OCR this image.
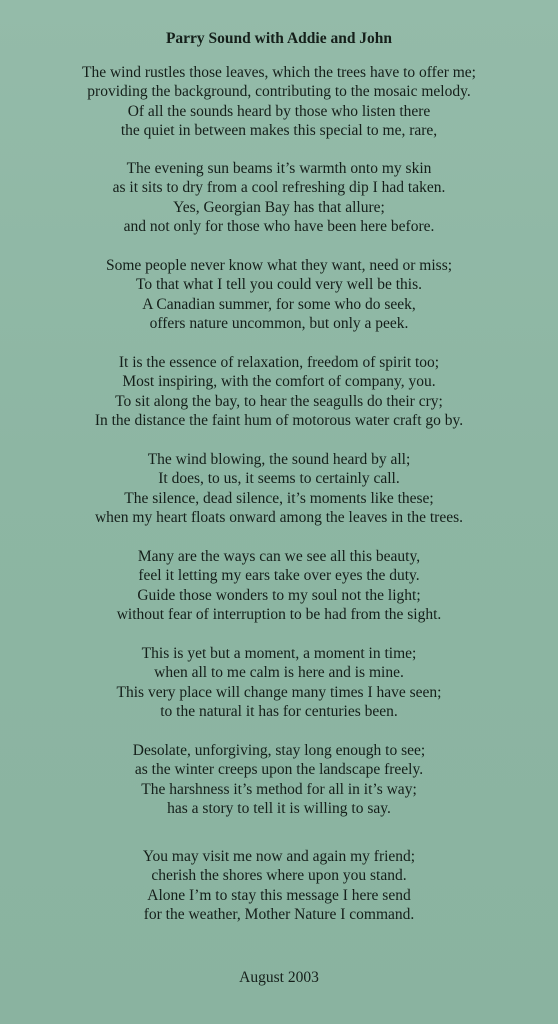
Parry Sound with Addie and John
The wind rustles those leaves, which the trees have to offer me;
providing the background, contributing to the mosaic melody.
Of all the sounds heard by those who listen there
the quiet in between makes this special to me, rare,
The evening sun beams it’s warmth onto my skin
as it sits to dry from a cool refreshing dip I had taken.
Yes, Georgian Bay has that allure;
and not only for those who have been here before.
Some people never know what they want, need or miss;
To that what I tell you could very well be this.
A Canadian summer, for some who do seek,
offers nature uncommon, but only a peek.
It is the essence of relaxation, freedom of spirit too;
Most inspiring, with the comfort of company, you.
To sit along the bay, to hear the seagulls do their cry;
In the distance the faint hum of motorous water craft go by.
The wind blowing, the sound heard by all;
It does, to us, it seems to certainly call.
The silence, dead silence, it’s moments like these;
when my heart floats onward among the leaves in the trees.
Many are the ways can we see all this beauty,
feel it letting my ears take over eyes the duty.
Guide those wonders to my soul not the light;
without fear of interruption to be had from the sight.
This is yet but a moment, a moment in time;
when all to me calm is here and is mine.
This very place will change many times I have seen;
to the natural it has for centuries been.
Desolate, unforgiving, stay long enough to see;
as the winter creeps upon the landscape freely.
The harshness it’s method for all in it’s way;
has a story to tell it is willing to say.
You may visit me now and again my friend;
cherish the shores where upon you stand.
Alone I’m to stay this message I here send
for the weather, Mother Nature I command.
August 2003
